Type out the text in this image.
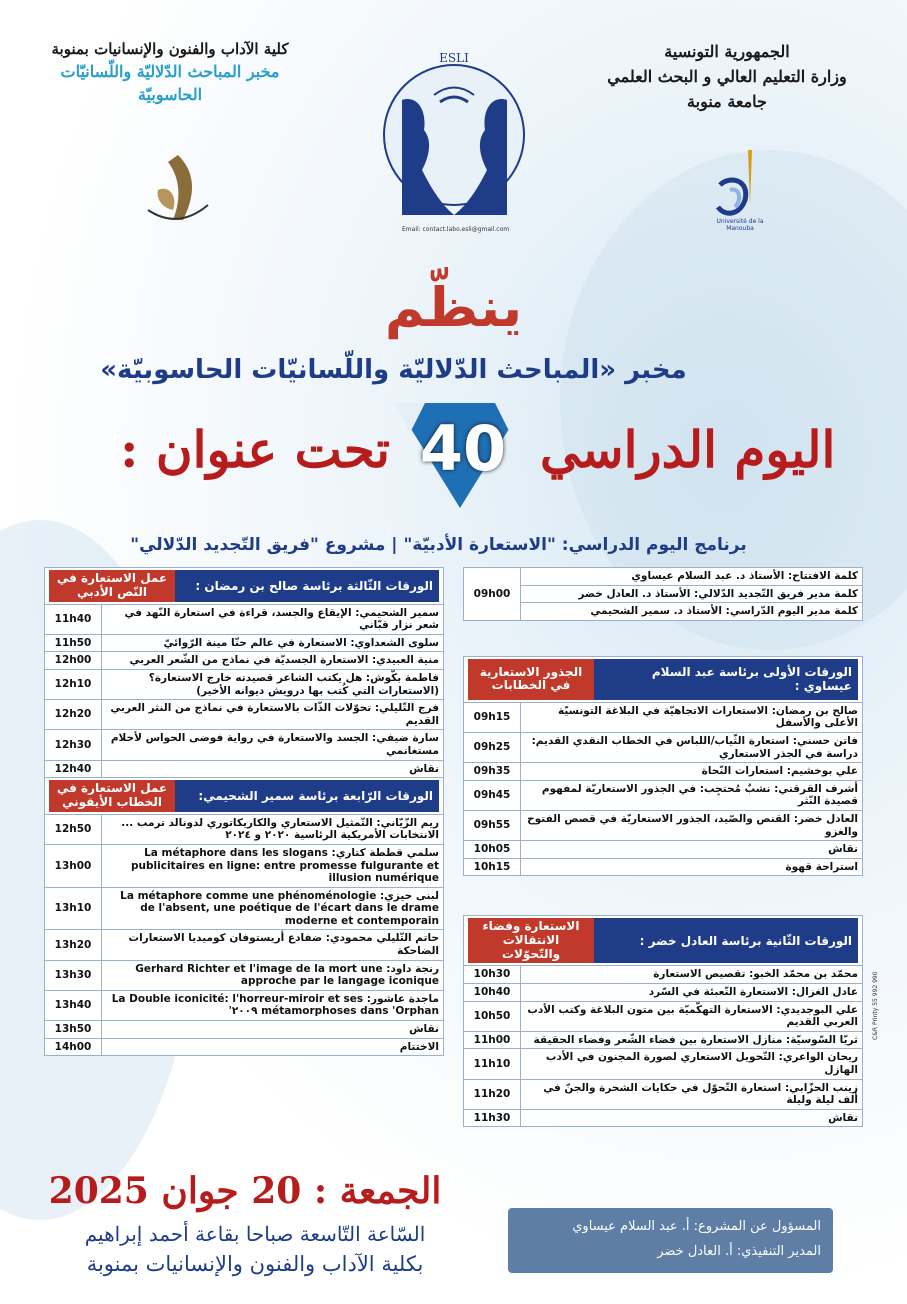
كلية الآداب والفنون والإنسانيات بمنوبة
مخبر المباحث الدّلاليّة واللّسانيّات
الحاسوبيّة
الجمهورية التونسية
وزارة التعليم العالي و البحث العلمي
جامعة منوبة
ESLI
Email: contact.labo.esli@gmail.com
Université de la Manouba
ينظّم
مخبر «المباحث الدّلاليّة واللّسانيّات الحاسوبيّة»
40 اليوم الدراسي
تحت عنوان :
برنامج اليوم الدراسي: "الاستعارة الأدبيّة" | مشروع "فريق التّجديد الدّلالي"
كلمة الافتتاح: الأستاذ د. عبد السلام عيساوي	09h00
كلمة مدير فريق التّجديد الدّلالي: الأستاذ د. العادل خضر
كلمة مدير اليوم الدّراسي: الأستاذ د. سمير الشحيمي
الورقات الأولى برئاسة عبد السلام عيساوي :
الجذور الاستعارية في الخطابات	

صالح بن رمضان: الاستعارات الاتجاهيّة في البلاغة التونسيّة الأعلى والأسفل	09h15
فاتن حسني: استعارة الثّياب/اللباس في الخطاب النقدي القديم: دراسة في الجذر الاستعاري	09h25
علي بوخشيم: استعارات النّحاة	09h35
أشرف القرقني: نشبٌ مُحتجِب: في الجذور الاستعاريّة لمفهوم قصيدة النّثر	09h45
العادل خضر: القنص والصّيد، الجذور الاستعاريّة في قصص الفتوح والغزو	09h55
نقاش	10h05
استراحة قهوة	10h15
الورقات الثّانية برئاسة العادل خضر :
الاستعارة وفضاء الانتقالات والتّحوّلات	

محمّد بن محمّد الخبو: تقصيص الاستعارة	10h30
عادل الغزال: الاستعارة التّعبئة في السّرد	10h40
علي البوجديدي: الاستعارة التهكّميّة بين متون البلاغة وكتب الأدب العربي القديم	10h50
ثريّا السّوسيّة: منازل الاستعارة بين فضاء الشّعر وفضاء الحقيقة	11h00
ريحان الواعري: التّحويل الاستعاري لصورة المجنون في الأدب الهازل	11h10
زينب الحزّابي: استعارة التّحوّل في حكايات الشحرة والجنّ في ألف ليلة وليلة	11h20
نقاش	11h30
الورقات الثّالثة برئاسة صالح بن رمضان :
عمل الاستعارة في النّص الأدبي	

سمير الشحيمي: الإيقاع والجسد، قراءة في استعارة النّهد في شعر نزار قبّاني	11h40
سلوى الشعداوي: الاستعارة في عالم حنّا مينة الرّوائيّ	11h50
منية العبيدي: الاستعارة الجسديّة في نماذج من الشّعر العربي	12h00
فاطمة بكّوش: هل يكتب الشاعر قصيدته خارج الاستعارة؟ (الاستعارات التي كُتب بها درويش ديوانه الأخير)	12h10
فرج التّليلي: تحوّلات الذّات بالاستعارة في نماذج من النثر العربي القديم	12h20
سارة ضيفي: الجسد والاستعارة في رواية فوضى الحواس لأحلام مستغانمي	12h30
نقاش	12h40

الورقات الرّابعة برئاسة سمير الشحيمي:
عمل الاستعارة في الخطاب الأيقوني	

ريم الزّيّاني: التّمثيل الاستعاري والكاريكاتوري لدونالد ترمب ... الانتخابات الأمريكية الرئاسية ٢٠٢٠ و ٢٠٢٤	12h50
سلمي قططة كتاري: La métaphore dans les slogans publicitaires en ligne: entre promesse fulgurante et illusion numérique	13h00
لبنى حيزي: La métaphore comme une phénoménologie de l'absent, une poétique de l'écart dans le drame moderne et contemporain	13h10
حاتم التّليلي محمودي: ضفادع أريستوفان كوميديا الاستعارات الضاحكة	13h20
رنجة داود: Gerhard Richter et l'image de la mort une approche par le langage iconique	13h30
ماجدة عاشور: La Double iconicité: l'horreur-miroir et ses métamorphoses dans 'Orphan ٢٠٠٩'	13h40
نقاش	13h50
الاختتام	14h00
الجمعة : 20 جوان 2025
السّاعة التّاسعة صباحا بقاعة أحمد إبراهيم
بكلية الآداب والفنون والإنسانيات بمنوبة
المسؤول عن المشروع: أ. عبد السلام عيساوي
المدير التنفيذي: أ. العادل خضر
C&R Printy 55 992 990
